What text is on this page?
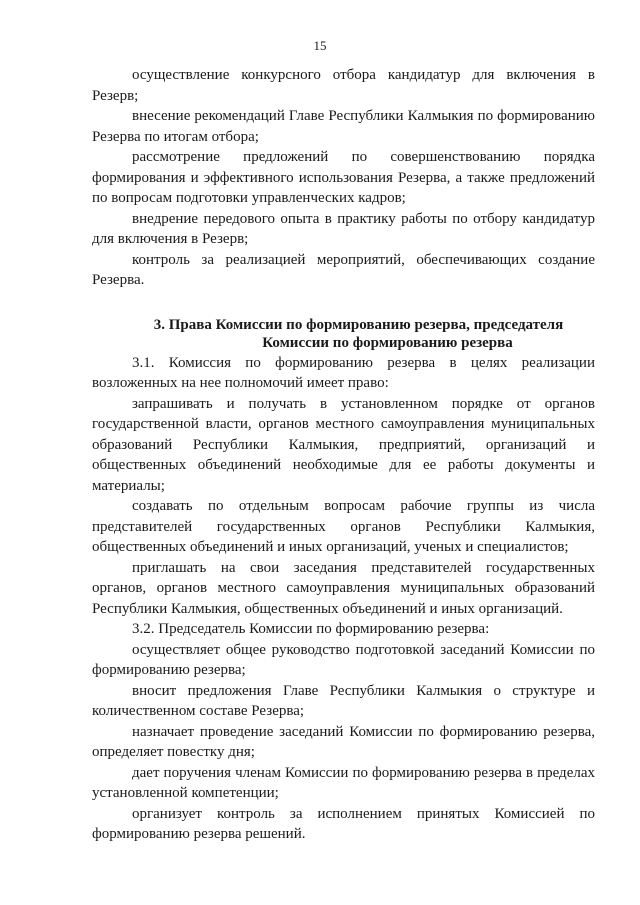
15

осуществление конкурсного отбора кандидатур для включения в Резерв;

внесение рекомендаций Главе Республики Калмыкия по формированию Резерва по итогам отбора;

рассмотрение предложений по совершенствованию порядка формирования и эффективного использования Резерва, а также предложений по вопросам подготовки управленческих кадров;

внедрение передового опыта в практику работы по отбору кандидатур для включения в Резерв;

контроль за реализацией мероприятий, обеспечивающих создание Резерва.

3. Права Комиссии по формированию резерва, председателя
Комиссии по формированию резерва

3.1. Комиссия по формированию резерва в целях реализации возложенных на нее полномочий имеет право:

запрашивать и получать в установленном порядке от органов государственной власти, органов местного самоуправления муниципальных образований Республики Калмыкия, предприятий, организаций и общественных объединений необходимые для ее работы документы и материалы;

создавать по отдельным вопросам рабочие группы из числа представителей государственных органов Республики Калмыкия, общественных объединений и иных организаций, ученых и специалистов;

приглашать на свои заседания представителей государственных органов, органов местного самоуправления муниципальных образований Республики Калмыкия, общественных объединений и иных организаций.

3.2. Председатель Комиссии по формированию резерва:

осуществляет общее руководство подготовкой заседаний Комиссии по формированию резерва;

вносит предложения Главе Республики Калмыкия о структуре и количественном составе Резерва;

назначает проведение заседаний Комиссии по формированию резерва, определяет повестку дня;

дает поручения членам Комиссии по формированию резерва в пределах установленной компетенции;

организует контроль за исполнением принятых Комиссией по формированию резерва решений.
